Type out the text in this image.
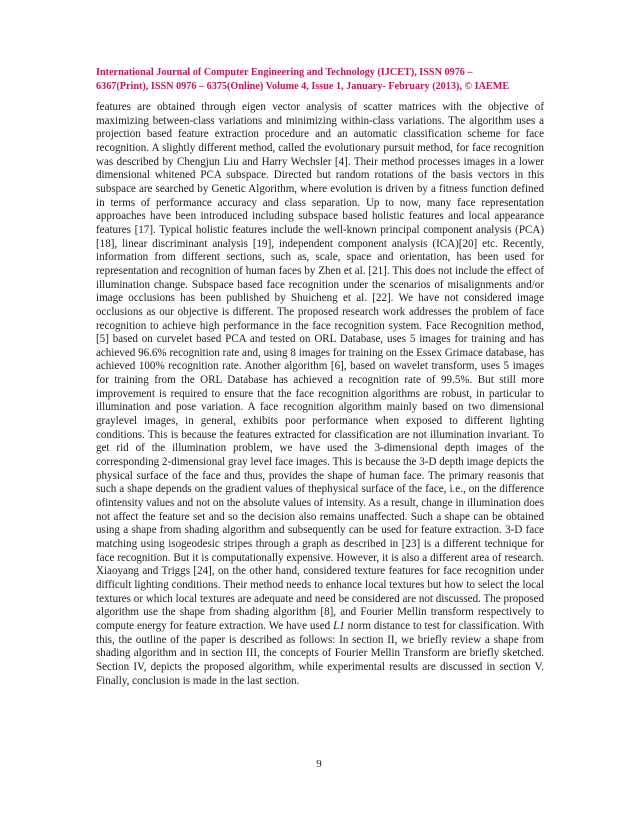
International Journal of Computer Engineering and Technology (IJCET), ISSN 0976 –
6367(Print), ISSN 0976 – 6375(Online) Volume 4, Issue 1, January- February (2013), © IAEME

features are obtained through eigen vector analysis of scatter matrices with the objective of maximizing between-class variations and minimizing within-class variations. The algorithm uses a projection based feature extraction procedure and an automatic classification scheme for face recognition. A slightly different method, called the evolutionary pursuit method, for face recognition was described by Chengjun Liu and Harry Wechsler [4]. Their method processes images in a lower dimensional whitened PCA subspace. Directed but random rotations of the basis vectors in this subspace are searched by Genetic Algorithm, where evolution is driven by a fitness function defined in terms of performance accuracy and class separation. Up to now, many face representation approaches have been introduced including subspace based holistic features and local appearance features [17]. Typical holistic features include the well-known principal component analysis (PCA) [18], linear discriminant analysis [19], independent component analysis (ICA)[20] etc. Recently, information from different sections, such as, scale, space and orientation, has been used for representation and recognition of human faces by Zhen et al. [21]. This does not include the effect of illumination change. Subspace based face recognition under the scenarios of misalignments and/or image occlusions has been published by Shuicheng et al. [22]. We have not considered image occlusions as our objective is different. The proposed research work addresses the problem of face recognition to achieve high performance in the face recognition system. Face Recognition method, [5] based on curvelet based PCA and tested on ORL Database, uses 5 images for training and has achieved 96.6% recognition rate and, using 8 images for training on the Essex Grimace database, has achieved 100% recognition rate. Another algorithm [6], based on wavelet transform, uses 5 images for training from the ORL Database has achieved a recognition rate of 99.5%. But still more improvement is required to ensure that the face recognition algorithms are robust, in particular to illumination and pose variation. A face recognition algorithm mainly based on two dimensional graylevel images, in general, exhibits poor performance when exposed to different lighting conditions. This is because the features extracted for classification are not illumination invariant. To get rid of the illumination problem, we have used the 3-dimensional depth images of the corresponding 2-dimensional gray level face images. This is because the 3-D depth image depicts the physical surface of the face and thus, provides the shape of human face. The primary reasonis that such a shape depends on the gradient values of thephysical surface of the face, i.e., on the difference ofintensity values and not on the absolute values of intensity. As a result, change in illumination does not affect the feature set and so the decision also remains unaffected. Such a shape can be obtained using a shape from shading algorithm and subsequently can be used for feature extraction. 3-D face matching using isogeodesic stripes through a graph as described in [23] is a different technique for face recognition. But it is computationally expensive. However, it is also a different area of research. Xiaoyang and Triggs [24], on the other hand, considered texture features for face recognition under difficult lighting conditions. Their method needs to enhance local textures but how to select the local textures or which local textures are adequate and need be considered are not discussed. The proposed algorithm use the shape from shading algorithm [8], and Fourier Mellin transform respectively to compute energy for feature extraction. We have used L1 norm distance to test for classification. With this, the outline of the paper is described as follows: In section II, we briefly review a shape from shading algorithm and in section III, the concepts of Fourier Mellin Transform are briefly sketched. Section IV, depicts the proposed algorithm, while experimental results are discussed in section V. Finally, conclusion is made in the last section.

9
